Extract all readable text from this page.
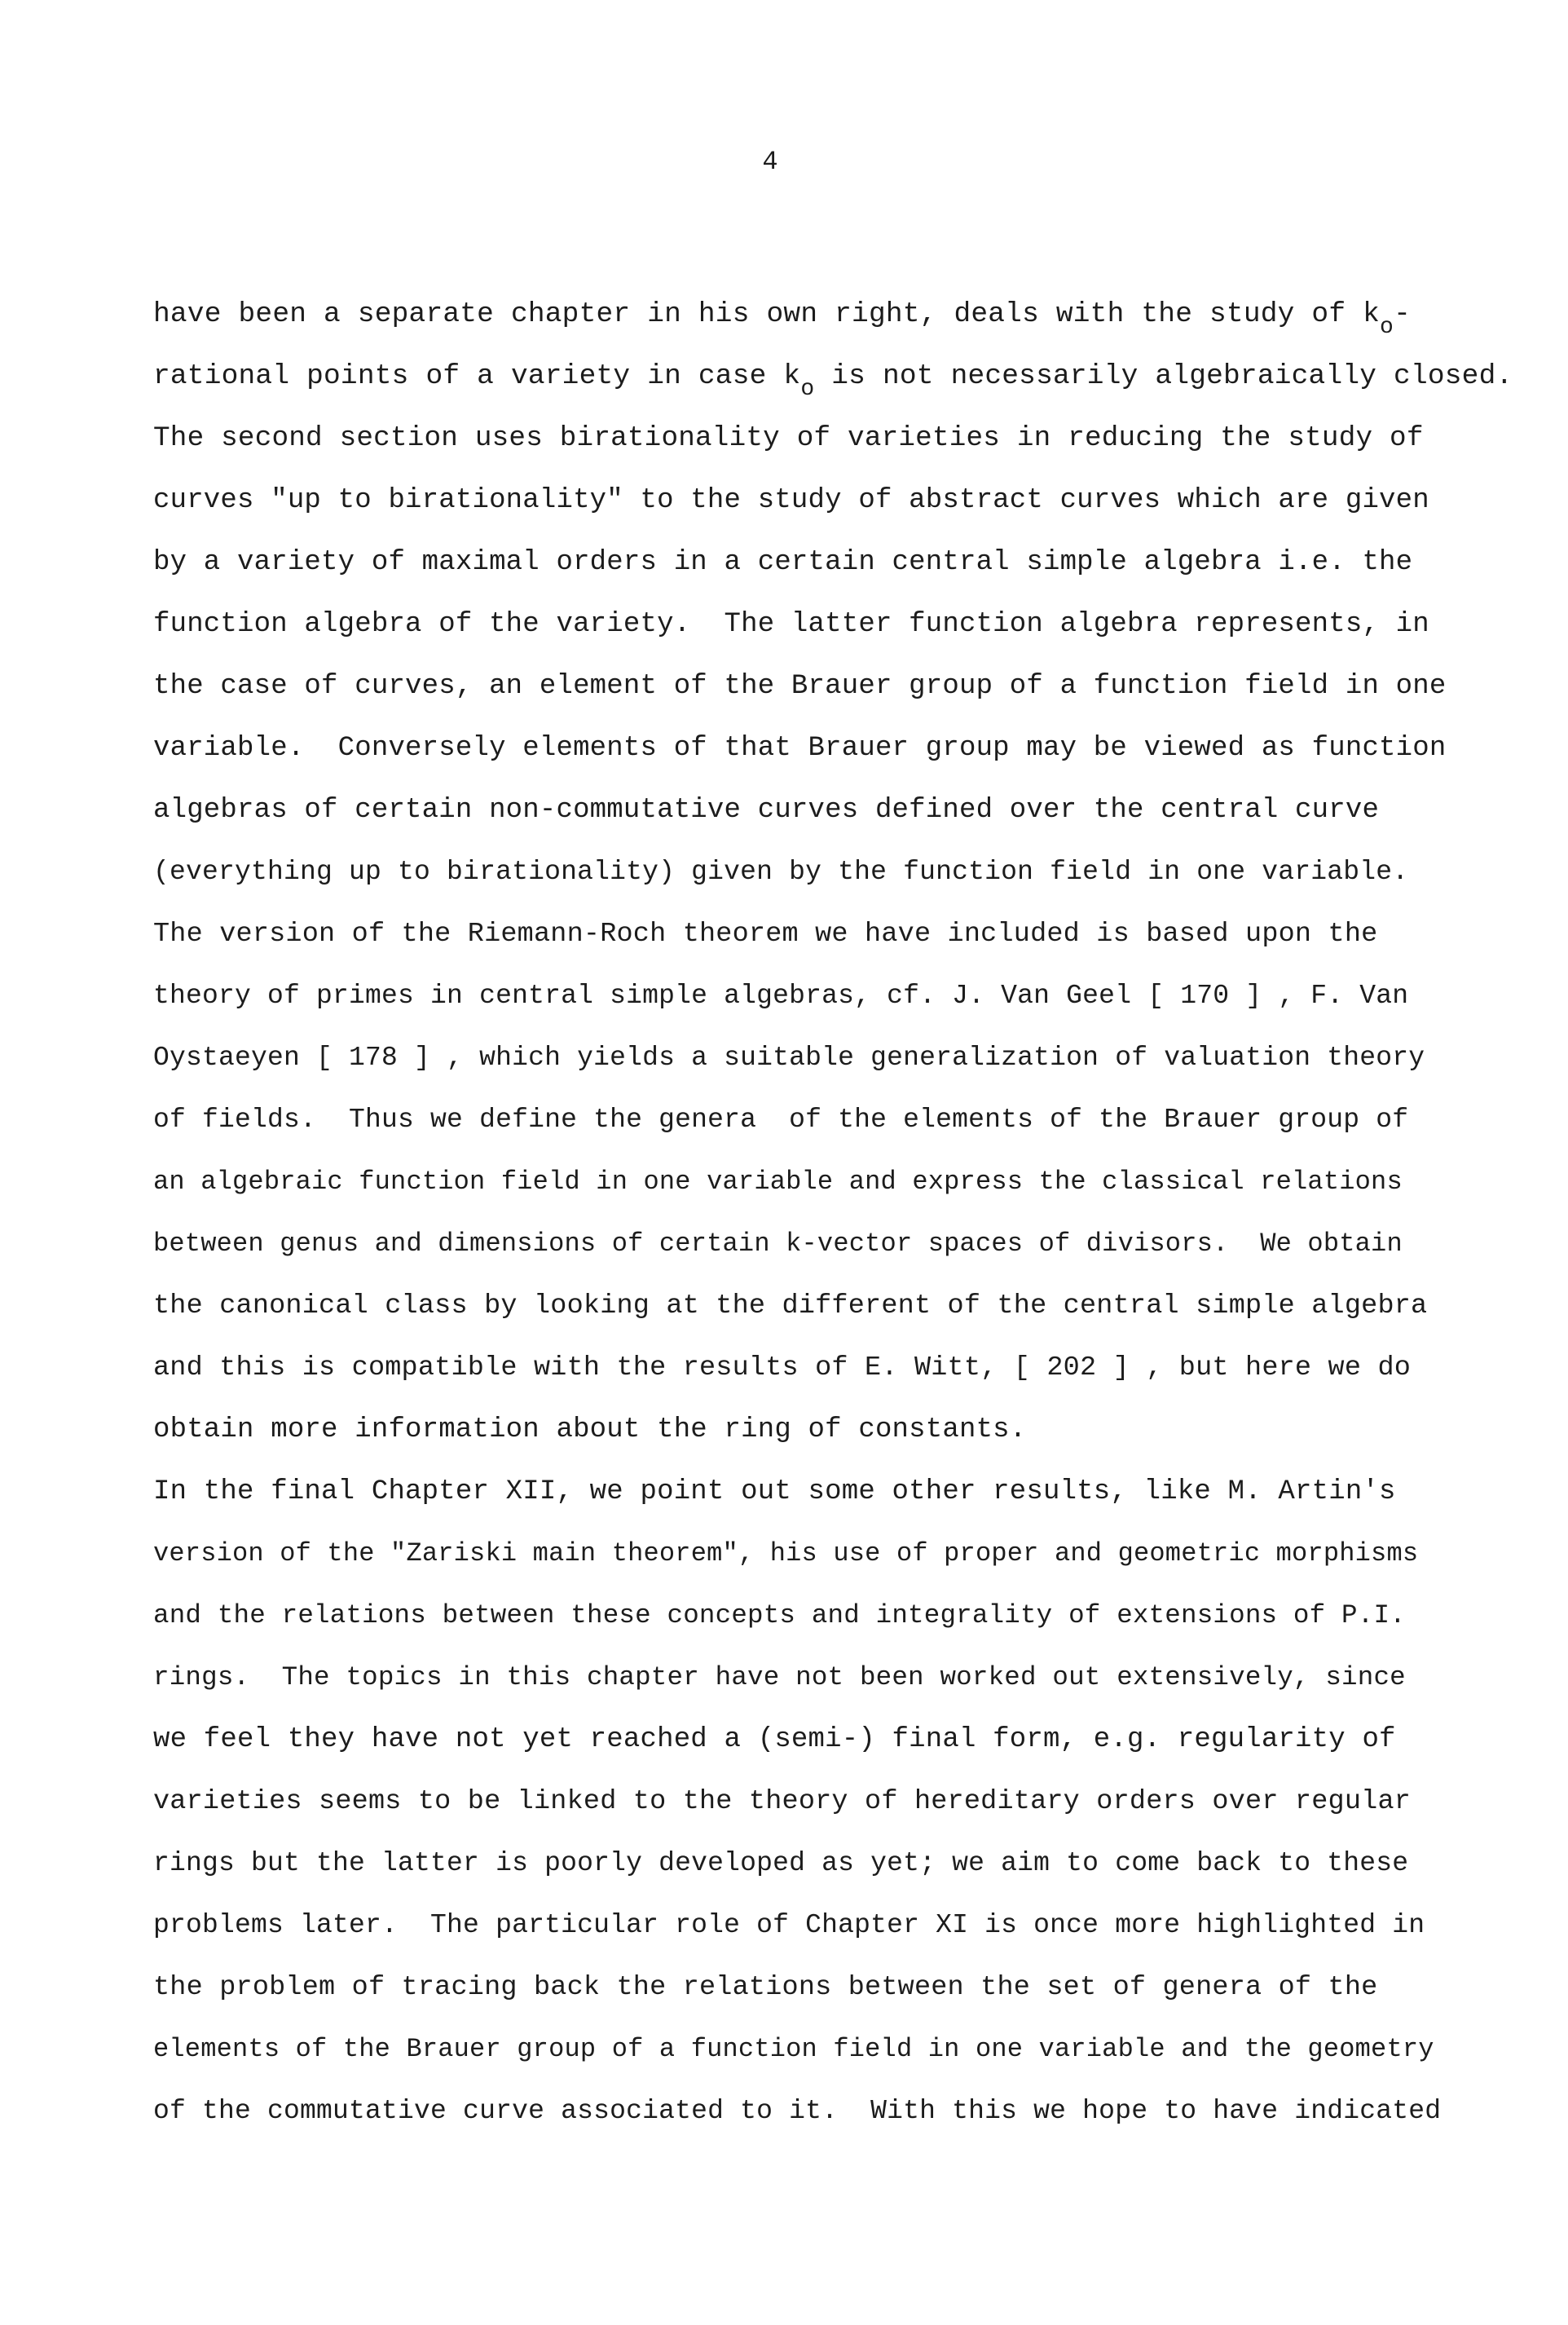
4
have been a separate chapter in his own right, deals with the study of $k_o-$
rational points of a variety in case $k_o$ is not necessarily algebraically closed.
The second section uses birationality of varieties in reducing the study of
curves "up to birationality" to the study of abstract curves which are given
by a variety of maximal orders in a certain central simple algebra i.e. the
function algebra of the variety.  The latter function algebra represents, in
the case of curves, an element of the Brauer group of a function field in one
variable.  Conversely elements of that Brauer group may be viewed as function
algebras of certain non-commutative curves defined over the central curve
(everything up to birationality) given by the function field in one variable.
The version of the Riemann-Roch theorem we have included is based upon the
theory of primes in central simple algebras, cf. J. Van Geel [ 170 ] , F. Van
Oystaeyen [ 178 ] , which yields a suitable generalization of valuation theory
of fields.  Thus we define the genera  of the elements of the Brauer group of
an algebraic function field in one variable and express the classical relations
between genus and dimensions of certain k-vector spaces of divisors.  We obtain
the canonical class by looking at the different of the central simple algebra
and this is compatible with the results of E. Witt, [ 202 ] , but here we do
obtain more information about the ring of constants.
In the final Chapter XII, we point out some other results, like M. Artin's
version of the "Zariski main theorem", his use of proper and geometric morphisms
and the relations between these concepts and integrality of extensions of P.I.
rings.  The topics in this chapter have not been worked out extensively, since
we feel they have not yet reached a (semi-) final form, e.g. regularity of
varieties seems to be linked to the theory of hereditary orders over regular
rings but the latter is poorly developed as yet; we aim to come back to these
problems later.  The particular role of Chapter XI is once more highlighted in
the problem of tracing back the relations between the set of genera of the
elements of the Brauer group of a function field in one variable and the geometry
of the commutative curve associated to it.  With this we hope to have indicated
